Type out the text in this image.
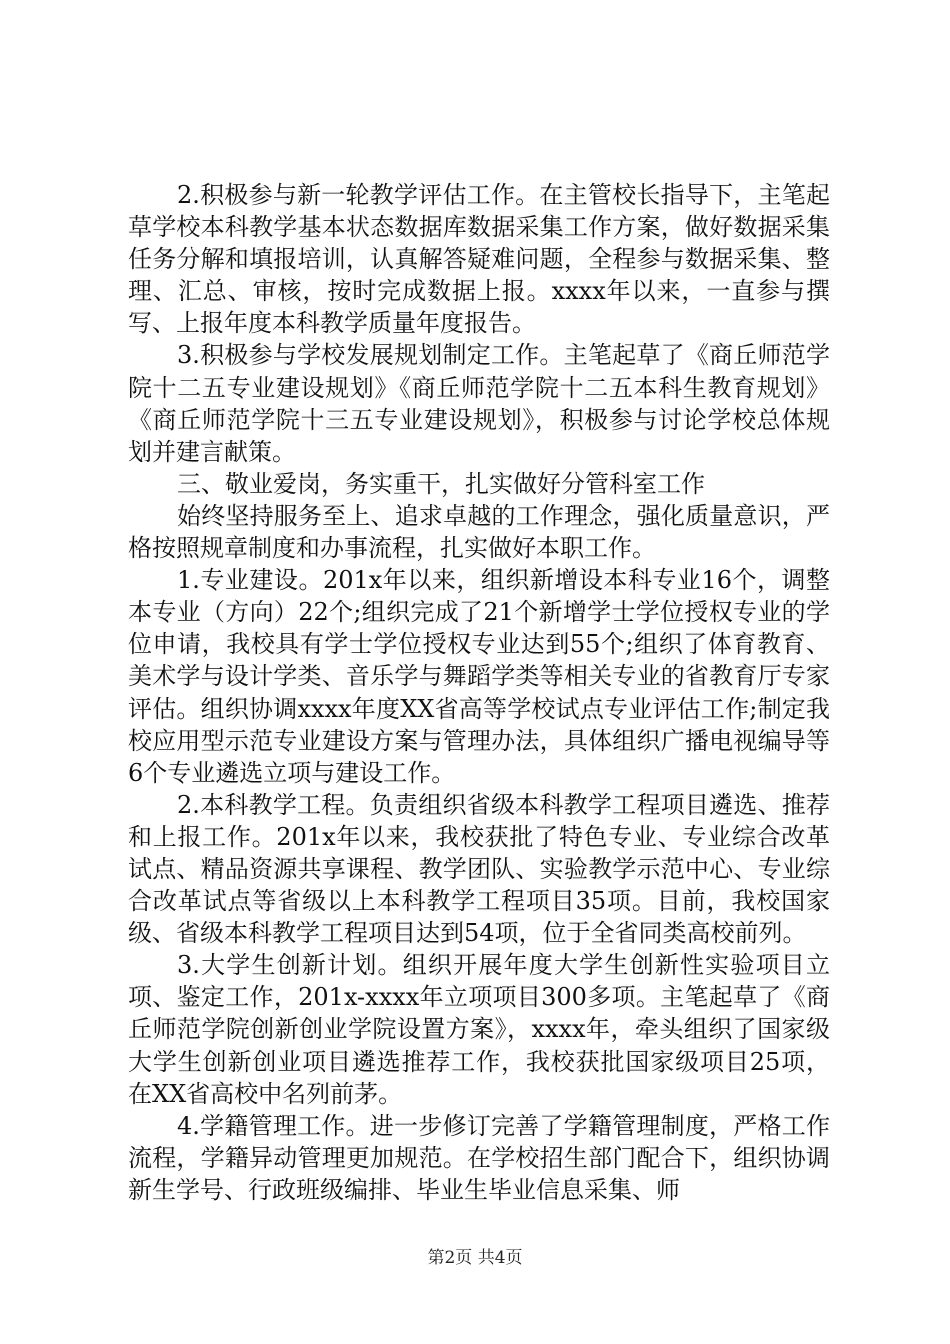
2.积极参与新一轮教学评估工作。在主管校长指导下，主笔起草学校本科教学基本状态数据库数据采集工作方案，做好数据采集任务分解和填报培训，认真解答疑难问题，全程参与数据采集、整理、汇总、审核，按时完成数据上报。xxxx年以来，一直参与撰写、上报年度本科教学质量年度报告。

3.积极参与学校发展规划制定工作。主笔起草了《商丘师范学院十二五专业建设规划》《商丘师范学院十二五本科生教育规划》《商丘师范学院十三五专业建设规划》，积极参与讨论学校总体规划并建言献策。

三、敬业爱岗，务实重干，扎实做好分管科室工作

始终坚持服务至上、追求卓越的工作理念，强化质量意识，严格按照规章制度和办事流程，扎实做好本职工作。

1.专业建设。201x年以来，组织新增设本科专业16个，调整本专业（方向）22个;组织完成了21个新增学士学位授权专业的学位申请，我校具有学士学位授权专业达到55个;组织了体育教育、美术学与设计学类、音乐学与舞蹈学类等相关专业的省教育厅专家评估。组织协调xxxx年度XX省高等学校试点专业评估工作;制定我校应用型示范专业建设方案与管理办法，具体组织广播电视编导等6个专业遴选立项与建设工作。

2.本科教学工程。负责组织省级本科教学工程项目遴选、推荐和上报工作。201x年以来，我校获批了特色专业、专业综合改革试点、精品资源共享课程、教学团队、实验教学示范中心、专业综合改革试点等省级以上本科教学工程项目35项。目前，我校国家级、省级本科教学工程项目达到54项，位于全省同类高校前列。

3.大学生创新计划。组织开展年度大学生创新性实验项目立项、鉴定工作，201x-xxxx年立项项目300多项。主笔起草了《商丘师范学院创新创业学院设置方案》，xxxx年，牵头组织了国家级大学生创新创业项目遴选推荐工作，我校获批国家级项目25项，在XX省高校中名列前茅。

4.学籍管理工作。进一步修订完善了学籍管理制度，严格工作流程，学籍异动管理更加规范。在学校招生部门配合下，组织协调新生学号、行政班级编排、毕业生毕业信息采集、师

第2页 共4页
